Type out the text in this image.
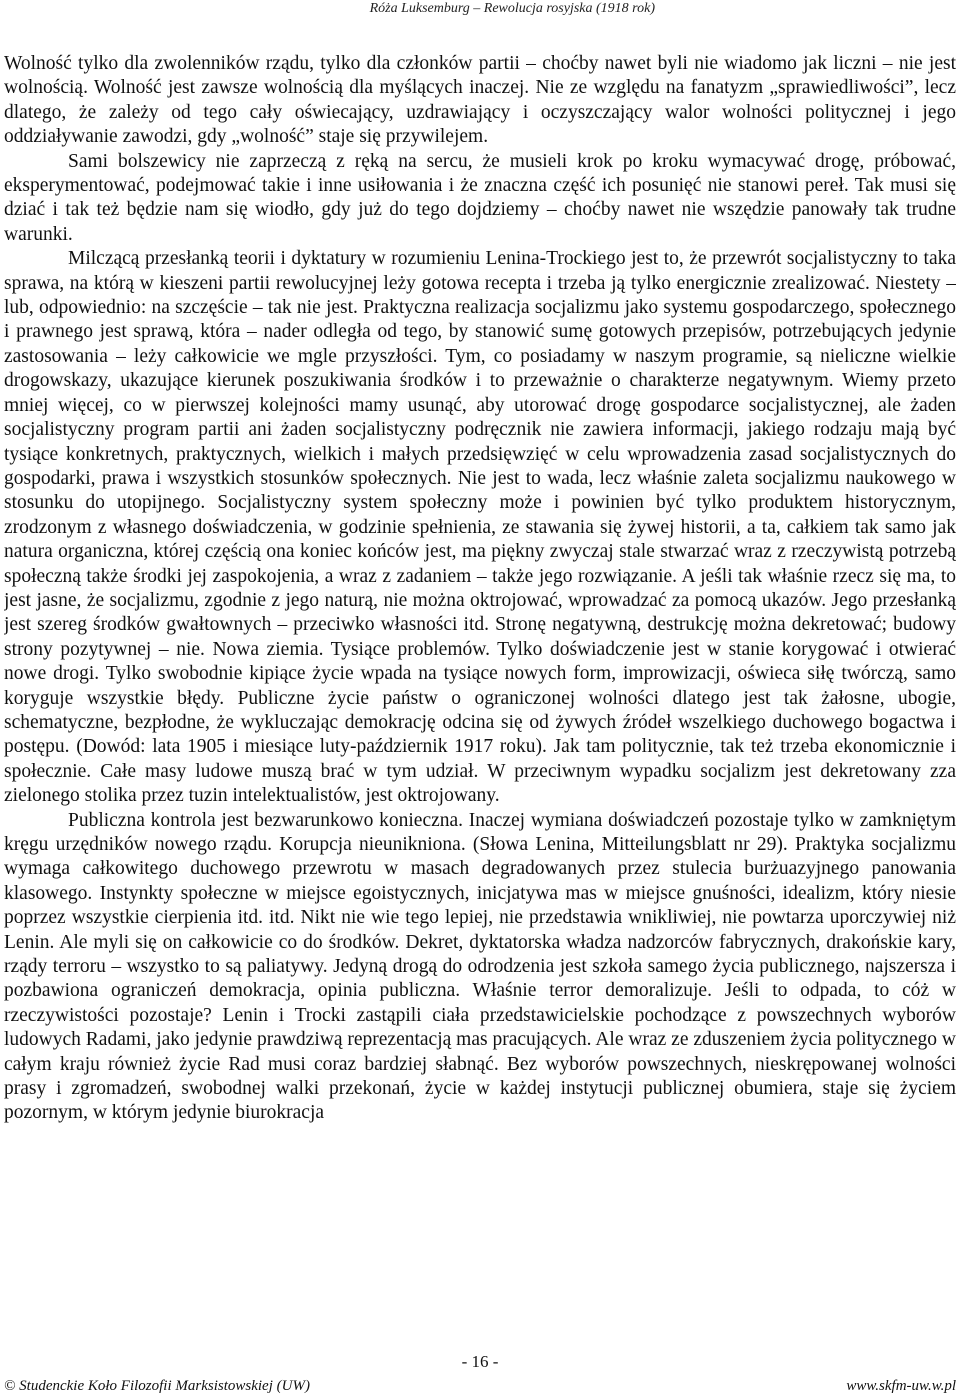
Róża Luksemburg – Rewolucja rosyjska (1918 rok)

Wolność tylko dla zwolenników rządu, tylko dla członków partii – choćby nawet byli nie wiadomo jak liczni – nie jest wolnością. Wolność jest zawsze wolnością dla myślących inaczej. Nie ze względu na fanatyzm „sprawiedliwości”, lecz dlatego, że zależy od tego cały oświecający, uzdrawiający i oczyszczający walor wolności politycznej i jego oddziaływanie zawodzi, gdy „wolność” staje się przywilejem.

Sami bolszewicy nie zaprzeczą z ręką na sercu, że musieli krok po kroku wymacywać drogę, próbować, eksperymentować, podejmować takie i inne usiłowania i że znaczna część ich posunięć nie stanowi pereł. Tak musi się dziać i tak też będzie nam się wiodło, gdy już do tego dojdziemy – choćby nawet nie wszędzie panowały tak trudne warunki.

Milczącą przesłanką teorii i dyktatury w rozumieniu Lenina-Trockiego jest to, że przewrót socjalistyczny to taka sprawa, na którą w kieszeni partii rewolucyjnej leży gotowa recepta i trzeba ją tylko energicznie zrealizować. Niestety – lub, odpowiednio: na szczęście – tak nie jest. Praktyczna realizacja socjalizmu jako systemu gospodarczego, społecznego i prawnego jest sprawą, która – nader odległa od tego, by stanowić sumę gotowych przepisów, potrzebujących jedynie zastosowania – leży całkowicie we mgle przyszłości. Tym, co posiadamy w naszym programie, są nieliczne wielkie drogowskazy, ukazujące kierunek poszukiwania środków i to przeważnie o charakterze negatywnym. Wiemy przeto mniej więcej, co w pierwszej kolejności mamy usunąć, aby utorować drogę gospodarce socjalistycznej, ale żaden socjalistyczny program partii ani żaden socjalistyczny podręcznik nie zawiera informacji, jakiego rodzaju mają być tysiące konkretnych, praktycznych, wielkich i małych przedsięwzięć w celu wprowadzenia zasad socjalistycznych do gospodarki, prawa i wszystkich stosunków społecznych. Nie jest to wada, lecz właśnie zaleta socjalizmu naukowego w stosunku do utopijnego. Socjalistyczny system społeczny może i powinien być tylko produktem historycznym, zrodzonym z własnego doświadczenia, w godzinie spełnienia, ze stawania się żywej historii, a ta, całkiem tak samo jak natura organiczna, której częścią ona koniec końców jest, ma piękny zwyczaj stale stwarzać wraz z rzeczywistą potrzebą społeczną także środki jej zaspokojenia, a wraz z zadaniem – także jego rozwiązanie. A jeśli tak właśnie rzecz się ma, to jest jasne, że socjalizmu, zgodnie z jego naturą, nie można oktrojować, wprowadzać za pomocą ukazów. Jego przesłanką jest szereg środków gwałtownych – przeciwko własności itd. Stronę negatywną, destrukcję można dekretować; budowy strony pozytywnej – nie. Nowa ziemia. Tysiące problemów. Tylko doświadczenie jest w stanie korygować i otwierać nowe drogi. Tylko swobodnie kipiące życie wpada na tysiące nowych form, improwizacji, oświeca siłę twórczą, samo koryguje wszystkie błędy. Publiczne życie państw o ograniczonej wolności dlatego jest tak żałosne, ubogie, schematyczne, bezpłodne, że wykluczając demokrację odcina się od żywych źródeł wszelkiego duchowego bogactwa i postępu. (Dowód: lata 1905 i miesiące luty-październik 1917 roku). Jak tam politycznie, tak też trzeba ekonomicznie i społecznie. Całe masy ludowe muszą brać w tym udział. W przeciwnym wypadku socjalizm jest dekretowany zza zielonego stolika przez tuzin intelektualistów, jest oktrojowany.

Publiczna kontrola jest bezwarunkowo konieczna. Inaczej wymiana doświadczeń pozostaje tylko w zamkniętym kręgu urzędników nowego rządu. Korupcja nieunikniona. (Słowa Lenina, Mitteilungsblatt nr 29). Praktyka socjalizmu wymaga całkowitego duchowego przewrotu w masach degradowanych przez stulecia burżuazyjnego panowania klasowego. Instynkty społeczne w miejsce egoistycznych, inicjatywa mas w miejsce gnuśności, idealizm, który niesie poprzez wszystkie cierpienia itd. itd. Nikt nie wie tego lepiej, nie przedstawia wnikliwiej, nie powtarza uporczywiej niż Lenin. Ale myli się on całkowicie co do środków. Dekret, dyktatorska władza nadzorców fabrycznych, drakońskie kary, rządy terroru – wszystko to są paliatywy. Jedyną drogą do odrodzenia jest szkoła samego życia publicznego, najszersza i pozbawiona ograniczeń demokracja, opinia publiczna. Właśnie terror demoralizuje. Jeśli to odpada, to cóż w rzeczywistości pozostaje? Lenin i Trocki zastąpili ciała przedstawicielskie pochodzące z powszechnych wyborów ludowych Radami, jako jedynie prawdziwą reprezentacją mas pracujących. Ale wraz ze zduszeniem życia politycznego w całym kraju również życie Rad musi coraz bardziej słabnąć. Bez wyborów powszechnych, nieskrępowanej wolności prasy i zgromadzeń, swobodnej walki przekonań, życie w każdej instytucji publicznej obumiera, staje się życiem pozornym, w którym jedynie biurokracja

- 16 -
© Studenckie Koło Filozofii Marksistowskiej (UW)	www.skfm-uw.w.pl
